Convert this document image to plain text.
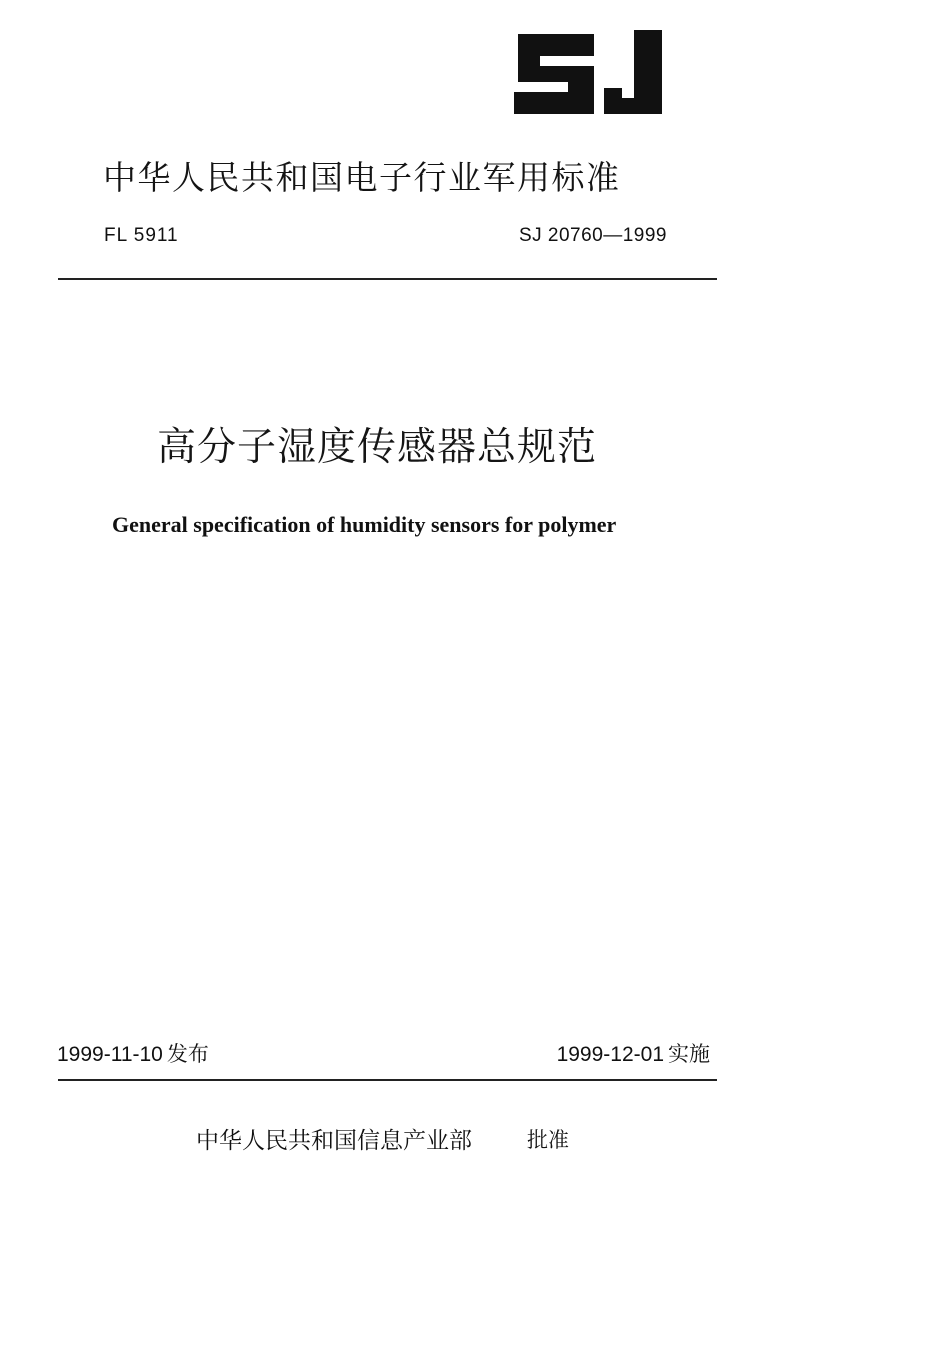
中华人民共和国电子行业军用标准
FL 5911	SJ 20760—1999
高分子湿度传感器总规范
General specification of humidity sensors for polymer
1999-11-10 发布	1999-12-01 实施
中华人民共和国信息产业部	批准
